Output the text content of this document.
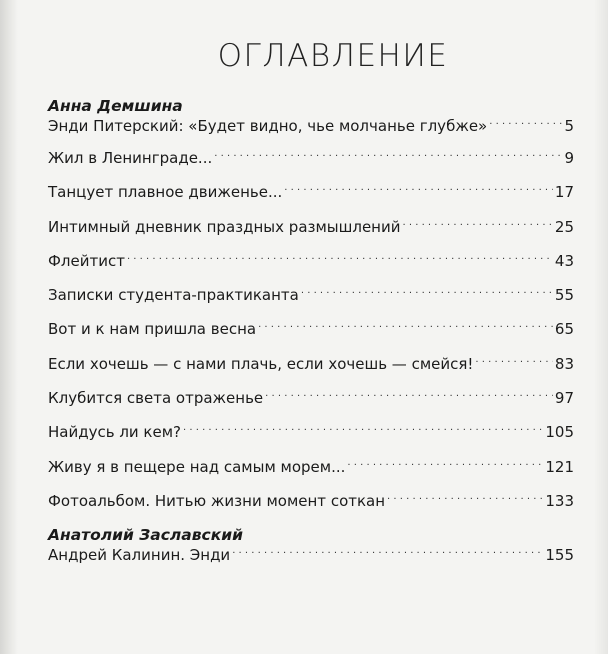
ОГЛАВЛЕНИЕ
Анна Демшина
Энди Питерский: «Будет видно, чье молчанье глубже» . . .	5
Жил в Ленинграде... . . .	9
Танцует плавное движенье... . . .	17
Интимный дневник праздных размышлений . . .	25
Флейтист . . .	43
Записки студента-практиканта . . .	55
Вот и к нам пришла весна . . .	65
Если хочешь — с нами плачь, если хочешь — смейся! . . .	83
Клубится света отраженье . . .	97
Найдусь ли кем? . . .	105
Живу я в пещере над самым морем... . . .	121
Фотоальбом. Нитью жизни момент соткан . . .	133
Анатолий Заславский
Андрей Калинин. Энди . . .	155
